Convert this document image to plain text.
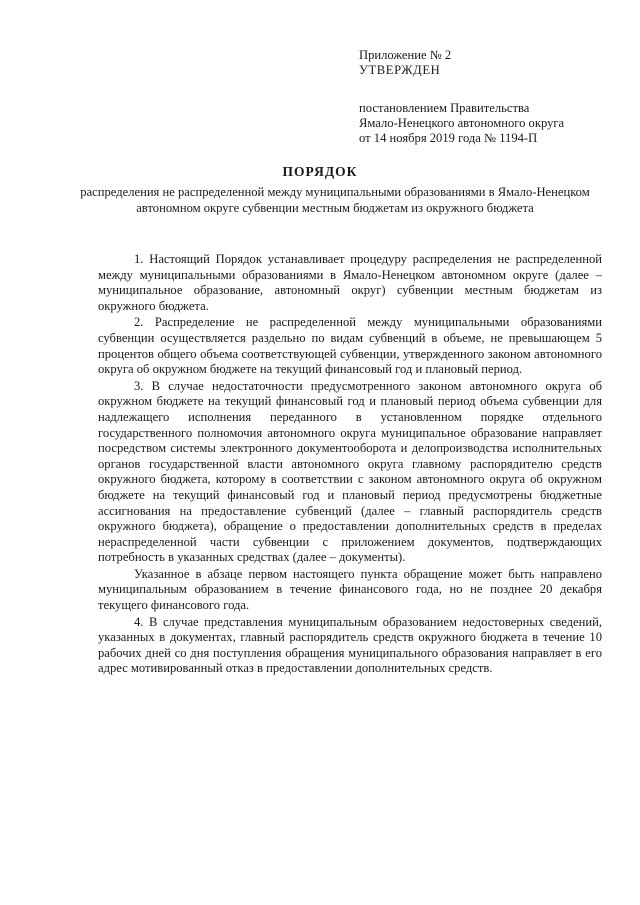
Приложение № 2
УТВЕРЖДЕН
постановлением Правительства
Ямало-Ненецкого автономного округа
от 14 ноября 2019 года № 1194-П
ПОРЯДОК
распределения не распределенной между муниципальными образованиями в Ямало-Ненецком автономном округе субвенции местным бюджетам из окружного бюджета

1. Настоящий Порядок устанавливает процедуру распределения не распределенной между муниципальными образованиями в Ямало-Ненецком автономном округе (далее – муниципальное образование, автономный округ) субвенции местным бюджетам из окружного бюджета.

2. Распределение не распределенной между муниципальными образованиями субвенции осуществляется раздельно по видам субвенций в объеме, не превышающем 5 процентов общего объема соответствующей субвенции, утвержденного законом автономного округа об окружном бюджете на текущий финансовый год и плановый период.

3. В случае недостаточности предусмотренного законом автономного округа об окружном бюджете на текущий финансовый год и плановый период объема субвенции для надлежащего исполнения переданного в установленном порядке отдельного государственного полномочия автономного округа муниципальное образование направляет посредством системы электронного документооборота и делопроизводства исполнительных органов государственной власти автономного округа главному распорядителю средств окружного бюджета, которому в соответствии с законом автономного округа об окружном бюджете на текущий финансовый год и плановый период предусмотрены бюджетные ассигнования на предоставление субвенций (далее – главный распорядитель средств окружного бюджета), обращение о предоставлении дополнительных средств в пределах нераспределенной части субвенции с приложением документов, подтверждающих потребность в указанных средствах (далее – документы).

Указанное в абзаце первом настоящего пункта обращение может быть направлено муниципальным образованием в течение финансового года, но не позднее 20 декабря текущего финансового года.

4. В случае представления муниципальным образованием недостоверных сведений, указанных в документах, главный распорядитель средств окружного бюджета в течение 10 рабочих дней со дня поступления обращения муниципального образования направляет в его адрес мотивированный отказ в предоставлении дополнительных средств.
